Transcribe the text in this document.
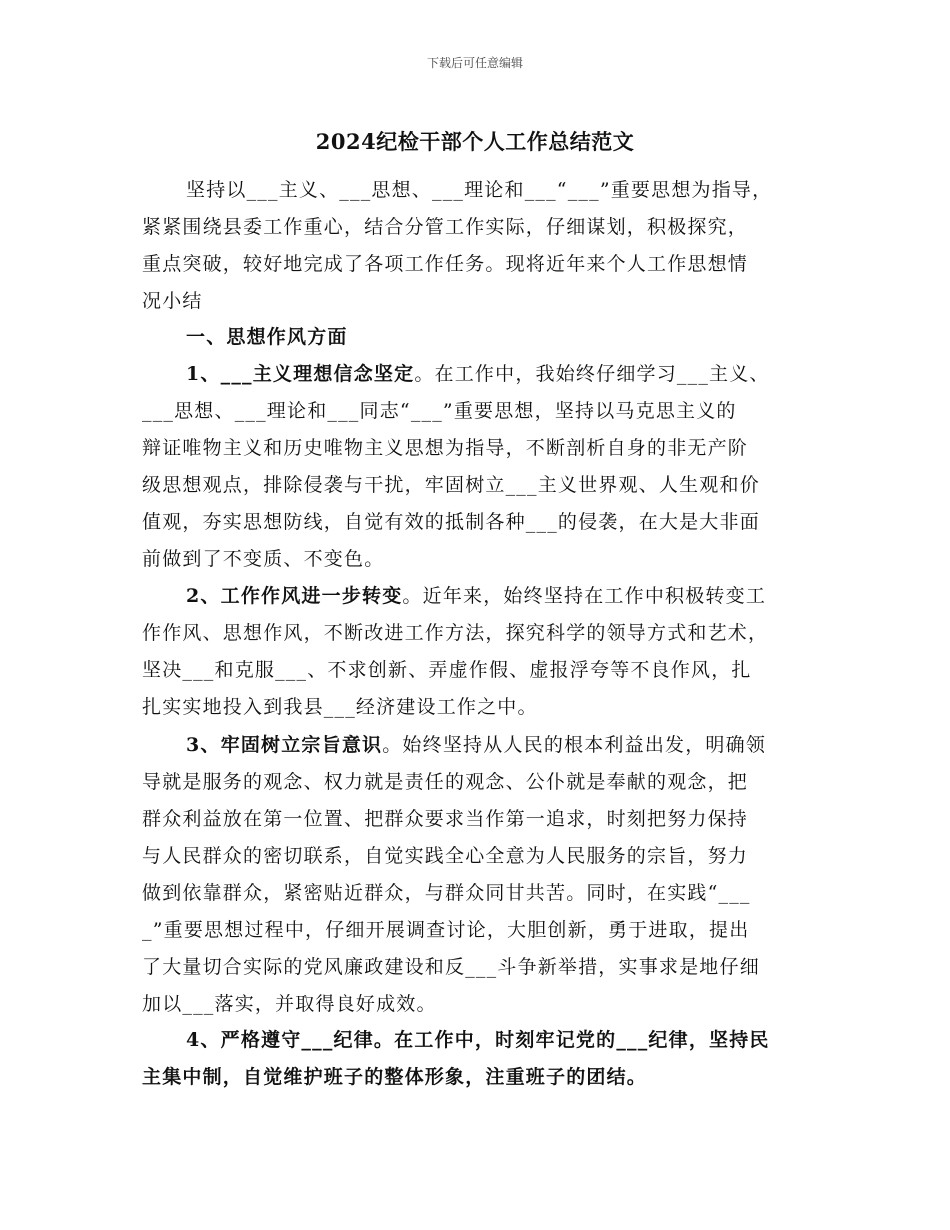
下载后可任意编辑
2024纪检干部个人工作总结范文
坚持以___主义、___思想、___理论和___“___”重要思想为指导，
紧紧围绕县委工作重心，结合分管工作实际，仔细谋划，积极探究，
重点突破，较好地完成了各项工作任务。现将近年来个人工作思想情
况小结
一、思想作风方面
1、___主义理想信念坚定。在工作中，我始终仔细学习___主义、
___思想、___理论和___同志“___”重要思想，坚持以马克思主义的
辩证唯物主义和历史唯物主义思想为指导，不断剖析自身的非无产阶
级思想观点，排除侵袭与干扰，牢固树立___主义世界观、人生观和价
值观，夯实思想防线，自觉有效的抵制各种___的侵袭，在大是大非面
前做到了不变质、不变色。
2、工作作风进一步转变。近年来，始终坚持在工作中积极转变工
作作风、思想作风，不断改进工作方法，探究科学的领导方式和艺术，
坚决___和克服___、不求创新、弄虚作假、虚报浮夸等不良作风，扎
扎实实地投入到我县___经济建设工作之中。
3、牢固树立宗旨意识。始终坚持从人民的根本利益出发，明确领
导就是服务的观念、权力就是责任的观念、公仆就是奉献的观念，把
群众利益放在第一位置、把群众要求当作第一追求，时刻把努力保持
与人民群众的密切联系，自觉实践全心全意为人民服务的宗旨，努力
做到依靠群众，紧密贴近群众，与群众同甘共苦。同时，在实践“___
_”重要思想过程中，仔细开展调查讨论，大胆创新，勇于进取，提出
了大量切合实际的党风廉政建设和反___斗争新举措，实事求是地仔细
加以___落实，并取得良好成效。
4、严格遵守___纪律。在工作中，时刻牢记党的___纪律，坚持民
主集中制，自觉维护班子的整体形象，注重班子的团结。
